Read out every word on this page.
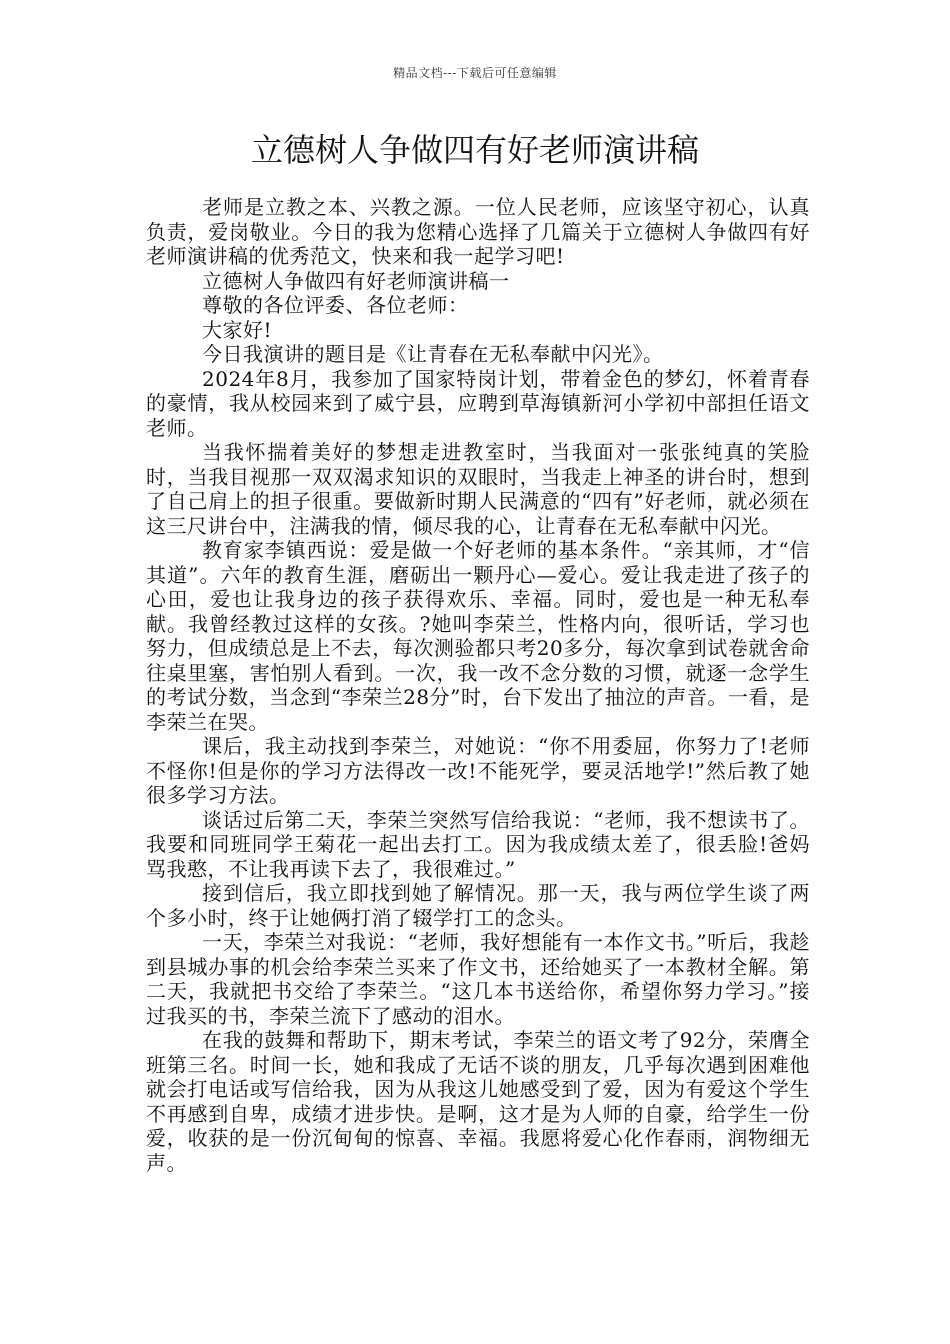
精品文档---下载后可任意编辑
立德树人争做四有好老师演讲稿

老师是立教之本、兴教之源。一位人民老师，应该坚守初心，认真负责，爱岗敬业。今日的我为您精心选择了几篇关于立德树人争做四有好老师演讲稿的优秀范文，快来和我一起学习吧!

立德树人争做四有好老师演讲稿一

尊敬的各位评委、各位老师：

大家好!

今日我演讲的题目是《让青春在无私奉献中闪光》。

2024年8月，我参加了国家特岗计划，带着金色的梦幻，怀着青春的豪情，我从校园来到了威宁县，应聘到草海镇新河小学初中部担任语文老师。

当我怀揣着美好的梦想走进教室时，当我面对一张张纯真的笑脸时，当我目视那一双双渴求知识的双眼时，当我走上神圣的讲台时，想到了自己肩上的担子很重。要做新时期人民满意的“四有”好老师，就必须在这三尺讲台中，注满我的情，倾尽我的心，让青春在无私奉献中闪光。

教育家李镇西说：爱是做一个好老师的基本条件。“亲其师，才“信其道”。六年的教育生涯，磨砺出一颗丹心—爱心。爱让我走进了孩子的心田，爱也让我身边的孩子获得欢乐、幸福。同时，爱也是一种无私奉献。我曾经教过这样的女孩。?她叫李荣兰，性格内向，很听话，学习也努力，但成绩总是上不去，每次测验都只考20多分，每次拿到试卷就舍命往桌里塞，害怕别人看到。一次，我一改不念分数的习惯，就逐一念学生的考试分数，当念到“李荣兰28分”时，台下发出了抽泣的声音。一看，是李荣兰在哭。

课后，我主动找到李荣兰，对她说：“你不用委屈，你努力了!老师不怪你!但是你的学习方法得改一改!不能死学，要灵活地学!”然后教了她很多学习方法。

谈话过后第二天，李荣兰突然写信给我说：“老师，我不想读书了。我要和同班同学王菊花一起出去打工。因为我成绩太差了，很丢脸!爸妈骂我憨，不让我再读下去了，我很难过。”

接到信后，我立即找到她了解情况。那一天，我与两位学生谈了两个多小时，终于让她俩打消了辍学打工的念头。

一天，李荣兰对我说：“老师，我好想能有一本作文书。”听后，我趁到县城办事的机会给李荣兰买来了作文书，还给她买了一本教材全解。第二天，我就把书交给了李荣兰。“这几本书送给你，希望你努力学习。”接过我买的书，李荣兰流下了感动的泪水。

在我的鼓舞和帮助下，期末考试，李荣兰的语文考了92分，荣膺全班第三名。时间一长，她和我成了无话不谈的朋友，几乎每次遇到困难他就会打电话或写信给我，因为从我这儿她感受到了爱，因为有爱这个学生不再感到自卑，成绩才进步快。是啊，这才是为人师的自豪，给学生一份爱，收获的是一份沉甸甸的惊喜、幸福。我愿将爱心化作春雨，润物细无声。
